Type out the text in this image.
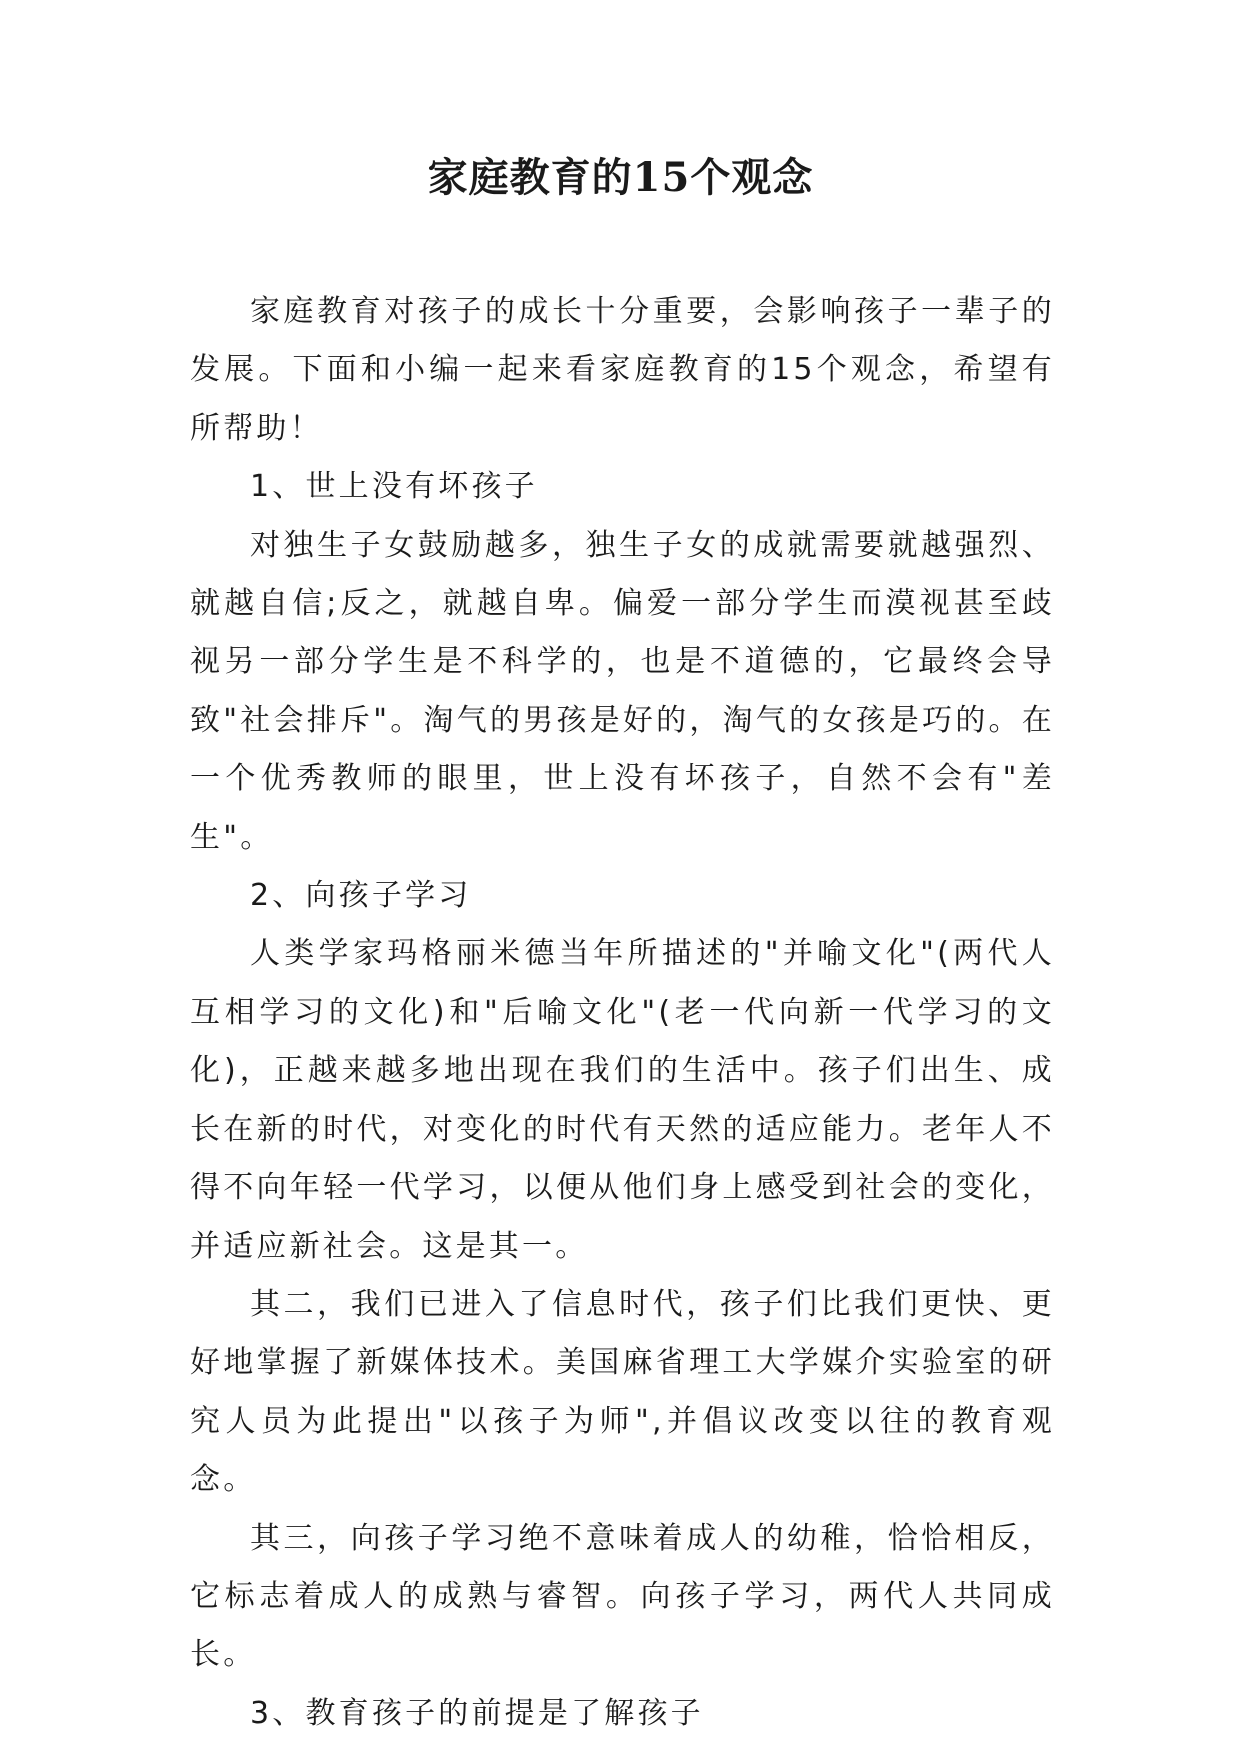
家庭教育的15个观念

家庭教育对孩子的成长十分重要，会影响孩子一辈子的发展。下面和小编一起来看家庭教育的15个观念，希望有所帮助！

1、世上没有坏孩子

对独生子女鼓励越多，独生子女的成就需要就越强烈、就越自信;反之，就越自卑。偏爱一部分学生而漠视甚至歧视另一部分学生是不科学的，也是不道德的，它最终会导致"社会排斥"。淘气的男孩是好的，淘气的女孩是巧的。在一个优秀教师的眼里，世上没有坏孩子，自然不会有"差生"。

2、向孩子学习

人类学家玛格丽米德当年所描述的"并喻文化"(两代人互相学习的文化)和"后喻文化"(老一代向新一代学习的文化)，正越来越多地出现在我们的生活中。孩子们出生、成长在新的时代，对变化的时代有天然的适应能力。老年人不得不向年轻一代学习，以便从他们身上感受到社会的变化，并适应新社会。这是其一。

其二，我们已进入了信息时代，孩子们比我们更快、更好地掌握了新媒体技术。美国麻省理工大学媒介实验室的研究人员为此提出"以孩子为师",并倡议改变以往的教育观念。

其三，向孩子学习绝不意味着成人的幼稚，恰恰相反，它标志着成人的成熟与睿智。向孩子学习，两代人共同成长。

3、教育孩子的前提是了解孩子
